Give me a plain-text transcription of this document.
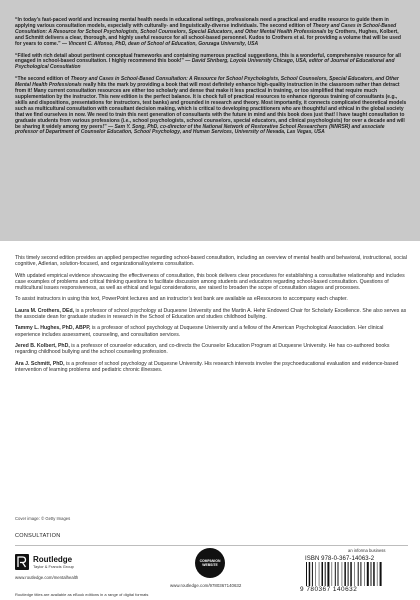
“In today’s fast-paced world and increasing mental health needs in educational settings, professionals need a practical and erudite resource to guide them in applying various consultation models, especially with culturally- and linguistically-diverse individuals. The second edition of Theory and Cases in School-Based Consultation: A Resource for School Psychologists, School Counselors, Special Educators, and Other Mental Health Professionals by Crothers, Hughes, Kolbert, and Schmitt delivers a clear, thorough, and highly useful resource for all school-based personnel. Kudos to Crothers et al. for providing a volume that will be used for years to come.” — Vincent C. Alfonso, PhD, dean of School of Education, Gonzaga University, USA

“Filled with rich detail about pertinent conceptual frameworks and containing numerous practical suggestions, this is a wonderful, comprehensive resource for all engaged in school-based consultation. I highly recommend this book!” — David Shriberg, Loyola University Chicago, USA, editor of Journal of Educational and Psychological Consultation

“The second edition of Theory and Cases in School-Based Consultation: A Resource for School Psychologists, School Counselors, Special Educators, and Other Mental Health Professionals really hits the mark by providing a book that will most definitely enhance high-quality instruction in the classroom rather than detract from it! Many current consultation resources are either too scholarly and dense that make it less practical in training, or too simplified that require much supplementation by the instructor. This new edition is the perfect balance. It is chock full of practical resources to enhance rigorous training of consultants (e.g., skills and dispositions, presentations for instructors, test banks) and grounded in research and theory. Most importantly, it connects complicated theoretical models such as multicultural consultation with consultant decision making, which is critical to developing practitioners who are thoughtful and ethical in the global society that we find ourselves in now. We need to train this next generation of consultants with the future in mind and this book does just that! I have taught consultation to graduate students from various professions (i.e., school psychologists, school counselors, special educators, and clinical psychologists) for over a decade and will be sharing it widely among my peers!” — Sam Y. Song, PhD, co-director of the National Network of Restorative School Researchers (NNRSR) and associate professor of Department of Counselor Education, School Psychology, and Human Services, University of Nevada, Las Vegas, USA

This timely second edition provides an applied perspective regarding school-based consultation, including an overview of mental health and behavioral, instructional, social cognitive, Adlerian, solution-focused, and organizational/systems consultation.

With updated empirical evidence showcasing the effectiveness of consultation, this book delivers clear procedures for establishing a consultative relationship and includes case examples of problems and critical thinking questions to facilitate discussion among students and educators regarding school-based consultation. Questions of multicultural issues responsiveness, as well as ethical and legal considerations, are raised to broaden the scope of consultation stages and processes.

To assist instructors in using this text, PowerPoint lectures and an instructor’s test bank are available as eResources to accompany each chapter.

Laura M. Crothers, DEd, is a professor of school psychology at Duquesne University and the Martin A. Hehir Endowed Chair for Scholarly Excellence. She also serves as the associate dean for graduate studies in research in the School of Education and studies childhood bullying.

Tammy L. Hughes, PhD, ABPP, is a professor of school psychology at Duquesne University and a fellow of the American Psychological Association. Her clinical experience includes assessment, counseling, and consultation services.

Jered B. Kolbert, PhD, is a professor of counselor education, and co-directs the Counselor Education Program at Duquesne University. He has co-authored books regarding childhood bullying and the school counseling profession.

Ara J. Schmitt, PhD, is a professor of school psychology at Duquesne University. His research interests involve the psychoeducational evaluation and evidence-based intervention of learning problems and pediatric chronic illnesses.

Cover image: © Getty Images
CONSULTATION
Routledge
Taylor & Francis Group
www.routledge.com/mentalhealth
COMPANION
WEBSITE
www.routledge.com/9780367140632
an informa business
ISBN 978-0-367-14063-2
9 780367 140632
Routledge titles are available as eBook editions in a range of digital formats
